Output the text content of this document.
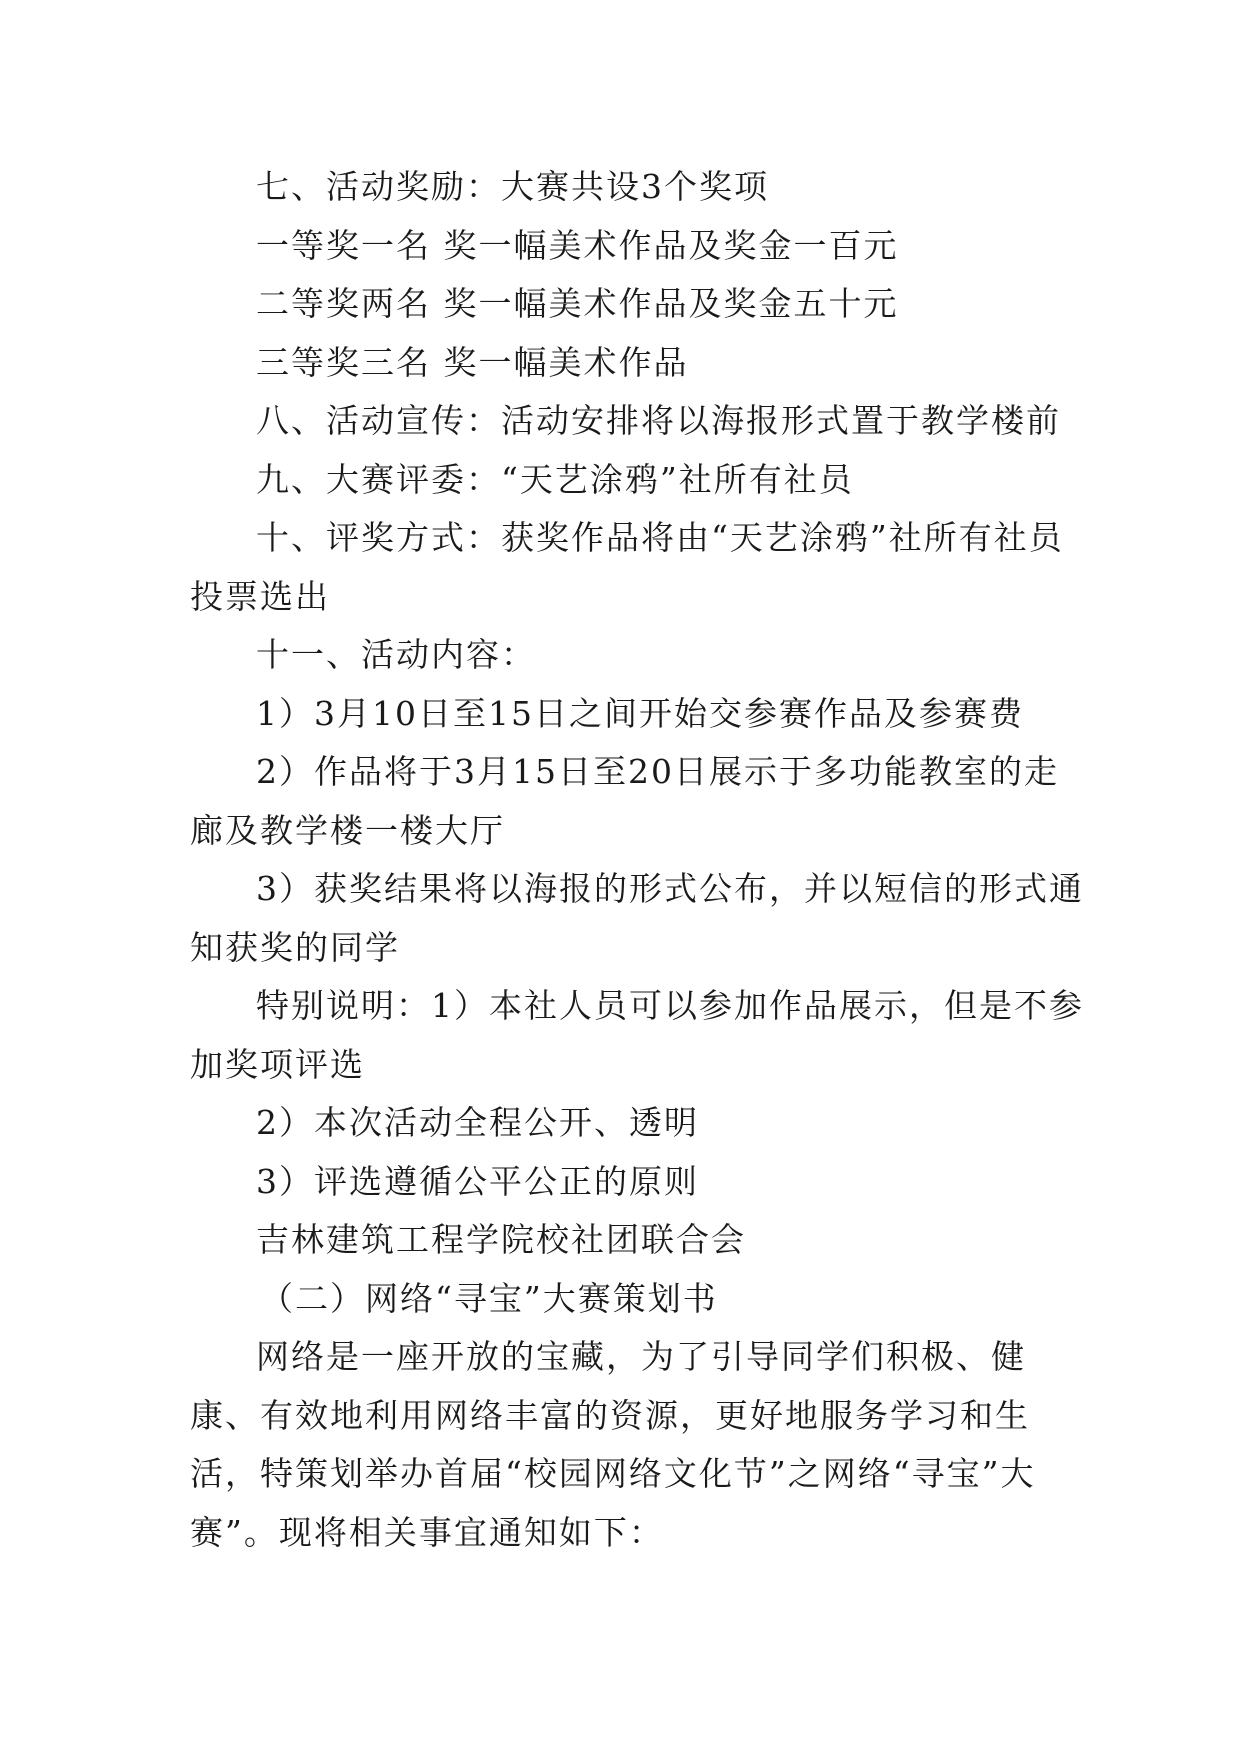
七、活动奖励：大赛共设3个奖项

一等奖一名 奖一幅美术作品及奖金一百元

二等奖两名 奖一幅美术作品及奖金五十元

三等奖三名 奖一幅美术作品

八、活动宣传：活动安排将以海报形式置于教学楼前

九、大赛评委：“天艺涂鸦”社所有社员

十、评奖方式：获奖作品将由“天艺涂鸦”社所有社员投票选出

十一、活动内容：

1）3月10日至15日之间开始交参赛作品及参赛费

2）作品将于3月15日至20日展示于多功能教室的走廊及教学楼一楼大厅

3）获奖结果将以海报的形式公布，并以短信的形式通知获奖的同学

特别说明：1）本社人员可以参加作品展示，但是不参加奖项评选

2）本次活动全程公开、透明

3）评选遵循公平公正的原则

吉林建筑工程学院校社团联合会

（二）网络“寻宝”大赛策划书

网络是一座开放的宝藏，为了引导同学们积极、健康、有效地利用网络丰富的资源，更好地服务学习和生活，特策划举办首届“校园网络文化节”之网络“寻宝”大赛”。现将相关事宜通知如下：
